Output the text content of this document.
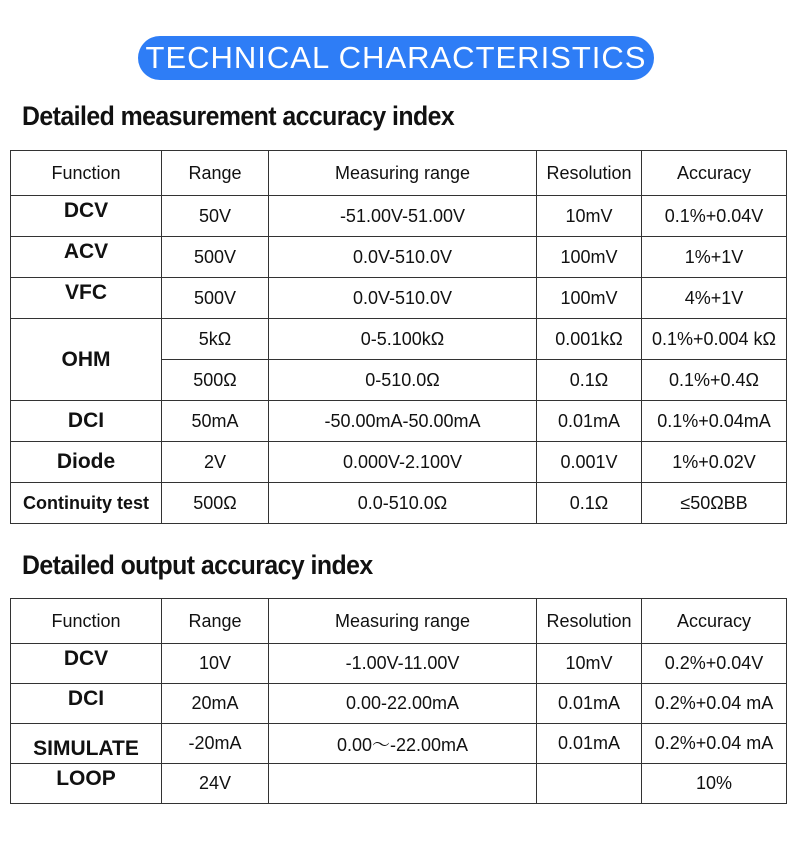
TECHNICAL CHARACTERISTICS
Detailed measurement accuracy index
Function	Range	Measuring range	Resolution	Accuracy
DCV	50V	-51.00V-51.00V	10mV	0.1%+0.04V
ACV	500V	0.0V-510.0V	100mV	1%+1V
VFC	500V	0.0V-510.0V	100mV	4%+1V
OHM	5kΩ	0-5.100kΩ	0.001kΩ	0.1%+0.004 kΩ
	500Ω	0-510.0Ω	0.1Ω	0.1%+0.4Ω
DCI	50mA	-50.00mA-50.00mA	0.01mA	0.1%+0.04mA
Diode	2V	0.000V-2.100V	0.001V	1%+0.02V
Continuity test	500Ω	0.0-510.0Ω	0.1Ω	≤50ΩBB
Detailed output accuracy index
Function	Range	Measuring range	Resolution	Accuracy
DCV	10V	-1.00V-11.00V	10mV	0.2%+0.04V
DCI	20mA	0.00-22.00mA	0.01mA	0.2%+0.04 mA
SIMULATE	-20mA	0.00～-22.00mA	0.01mA	0.2%+0.04 mA
LOOP	24V			10%
